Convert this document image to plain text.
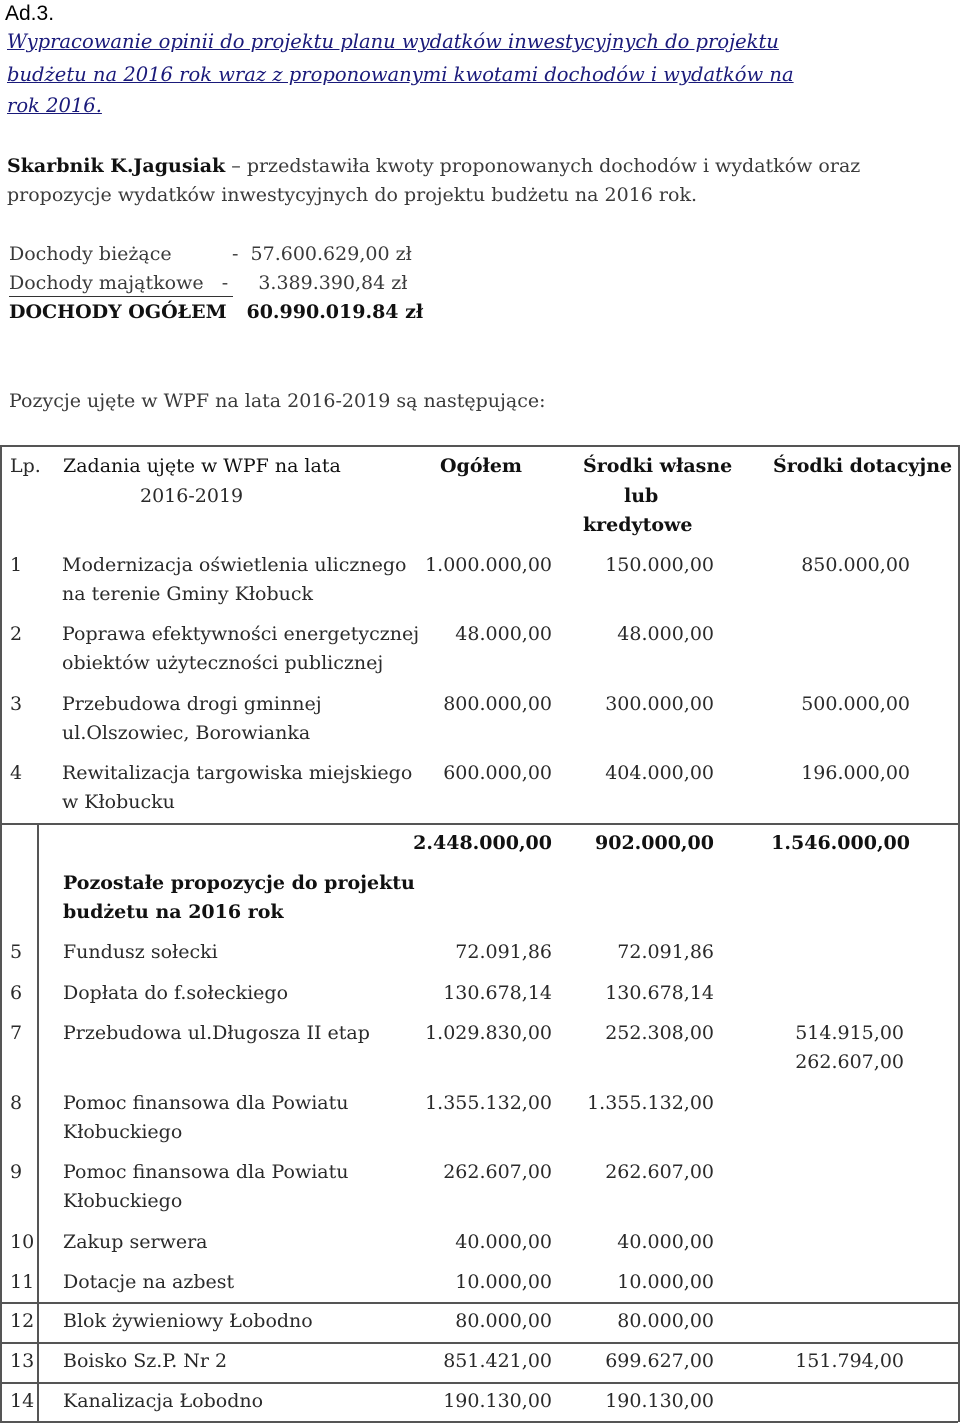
Ad.3.
Wypracowanie opinii do projektu planu wydatków inwestycyjnych do projektu
budżetu na 2016 rok wraz z proponowanymi kwotami dochodów i wydatków na
rok 2016.
Skarbnik K.Jagusiak – przedstawiła kwoty proponowanych dochodów i wydatków oraz
propozycje wydatków inwestycyjnych do projektu budżetu na 2016 rok.
Dochody bieżące          -  57.600.629,00 zł
Dochody majątkowe   -     3.389.390,84 zł
DOCHODY OGÓŁEM   60.990.019.84 zł
Pozycje ujęte w WPF na lata 2016-2019 są następujące:
Lp. Zadania ujęte w WPF na lata
2016-2019
Ogółem	Środki własne
lub
kredytowe
Środki dotacyjne
1 Modernizacja oświetlenia ulicznego
na terenie Gminy Kłobuck
1.000.000,00	150.000,00	850.000,00
2 Poprawa efektywności energetycznej
obiektów użyteczności publicznej
48.000,00	48.000,00
3 Przebudowa drogi gminnej
ul.Olszowiec, Borowianka
800.000,00	300.000,00	500.000,00
4 Rewitalizacja targowiska miejskiego
w Kłobucku
600.000,00	404.000,00	196.000,00
2.448.000,00 902.000,00	1.546.000,00
Pozostałe propozycje do projektu
budżetu na 2016 rok
5 Fundusz sołecki	72.091,86	72.091,86
6 Dopłata do f.sołeckiego	130.678,14	130.678,14
7 Przebudowa ul.Długosza II etap	1.029.830,00	252.308,00	514.915,00
262.607,00
8 Pomoc finansowa dla Powiatu
Kłobuckiego
1.355.132,00 1.355.132,00
9 Pomoc finansowa dla Powiatu
Kłobuckiego
262.607,00	262.607,00
10 Zakup serwera	40.000,00	40.000,00
11 Dotacje na azbest	10.000,00	10.000,00
12 Blok żywieniowy Łobodno	80.000,00	80.000,00
13 Boisko Sz.P. Nr 2	851.421,00	699.627,00	151.794,00
14 Kanalizacja Łobodno	190.130,00	190.130,00
